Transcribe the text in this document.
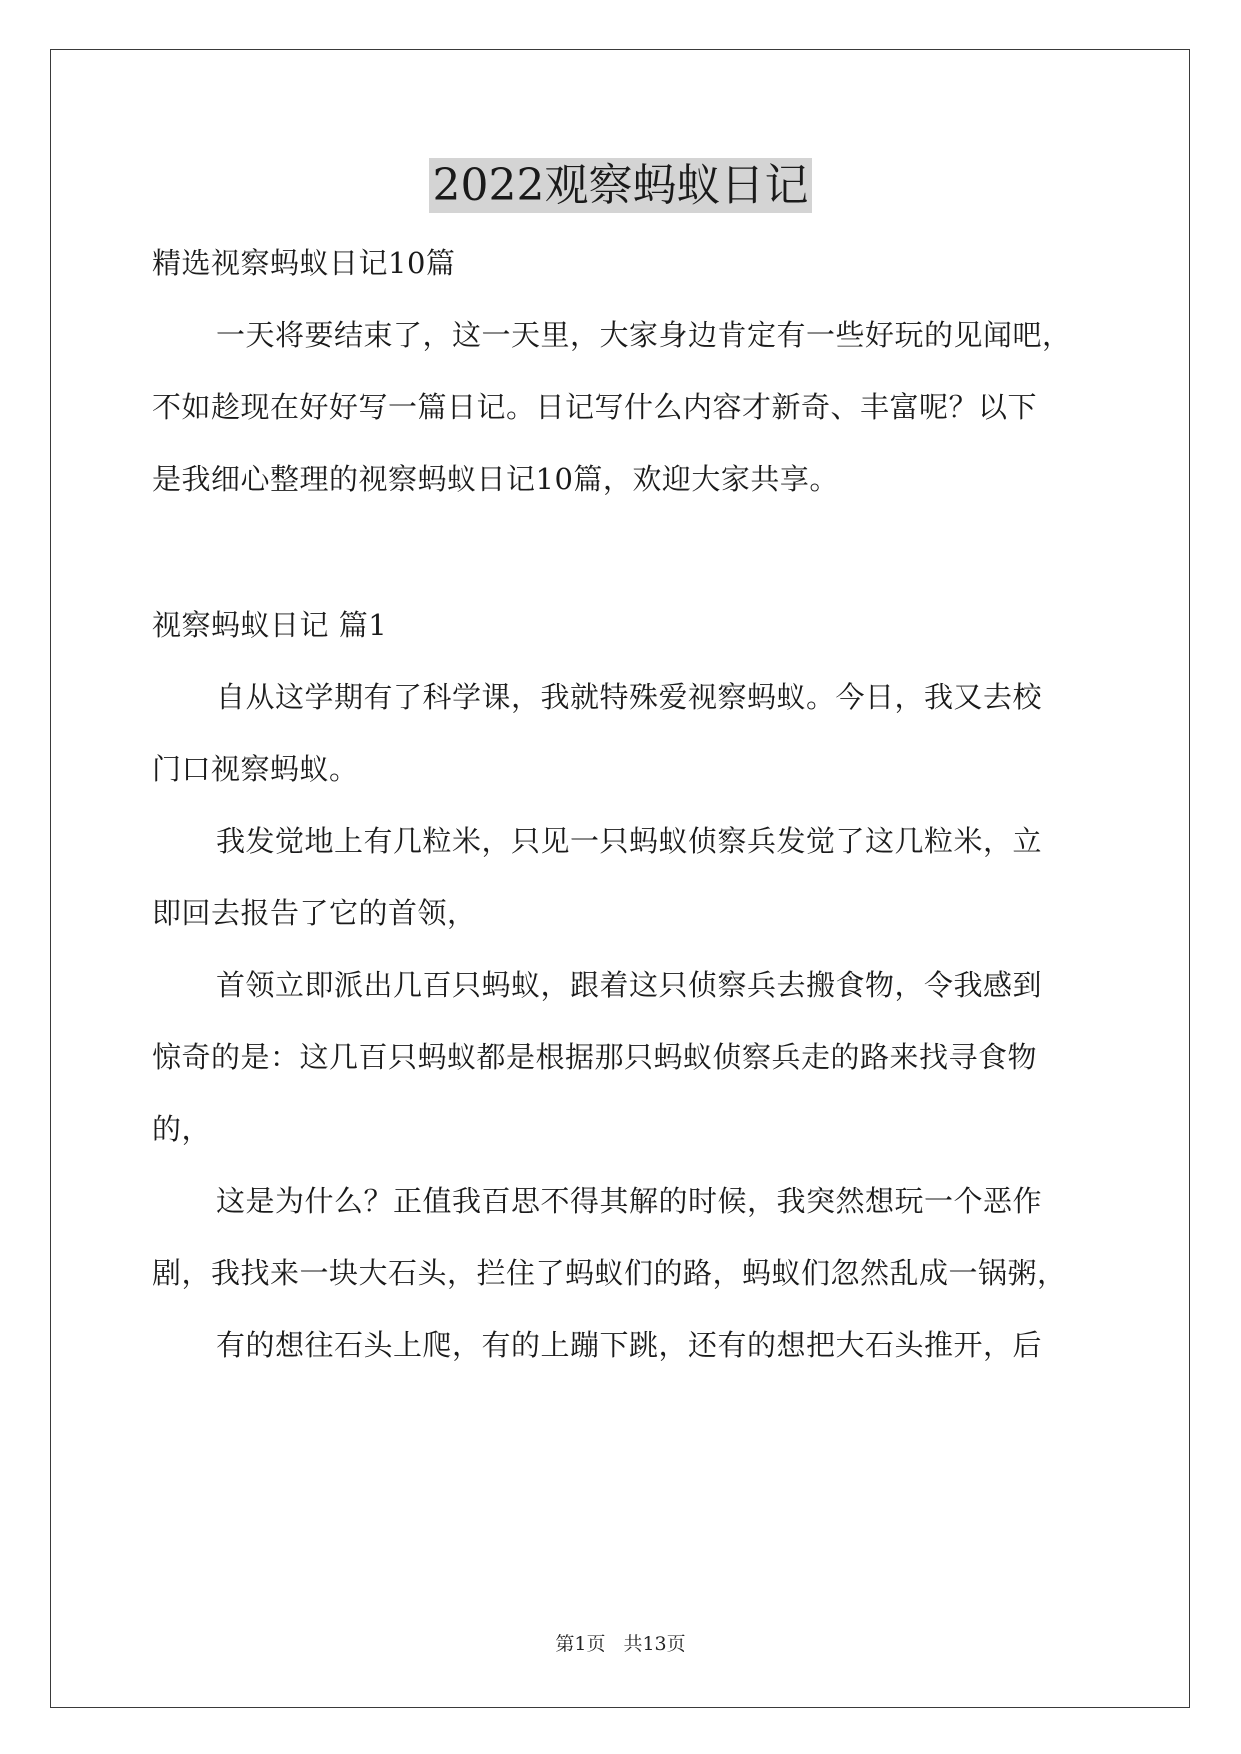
2022观察蚂蚁日记
精选视察蚂蚁日记10篇
一天将要结束了，这一天里，大家身边肯定有一些好玩的见闻吧，
不如趁现在好好写一篇日记。日记写什么内容才新奇、丰富呢？以下
是我细心整理的视察蚂蚁日记10篇，欢迎大家共享。
视察蚂蚁日记 篇1
自从这学期有了科学课，我就特殊爱视察蚂蚁。今日，我又去校
门口视察蚂蚁。
我发觉地上有几粒米，只见一只蚂蚁侦察兵发觉了这几粒米，立
即回去报告了它的首领，
首领立即派出几百只蚂蚁，跟着这只侦察兵去搬食物，令我感到
惊奇的是：这几百只蚂蚁都是根据那只蚂蚁侦察兵走的路来找寻食物
的，
这是为什么？正值我百思不得其解的时候，我突然想玩一个恶作
剧，我找来一块大石头，拦住了蚂蚁们的路，蚂蚁们忽然乱成一锅粥，
有的想往石头上爬，有的上蹦下跳，还有的想把大石头推开，后
第1页 共13页
